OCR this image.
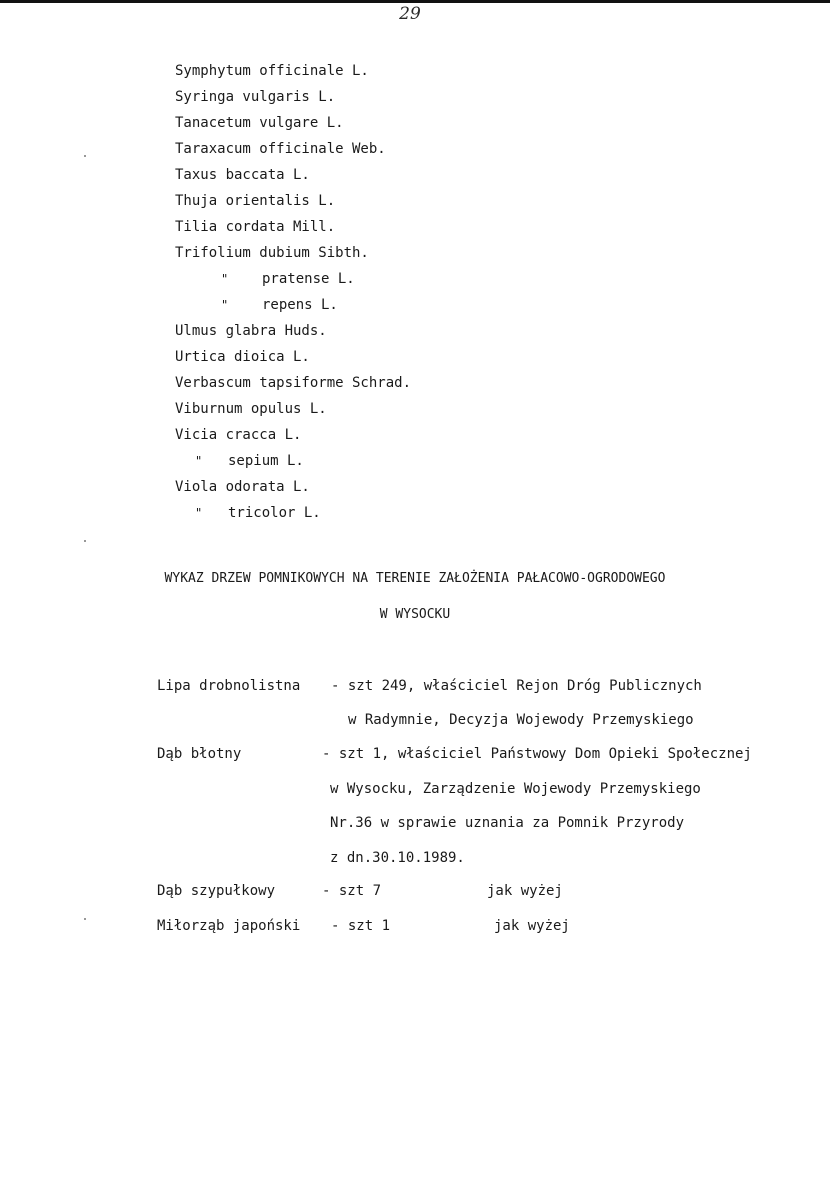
29
Symphytum officinale L.
Syringa vulgaris L.
Tanacetum vulgare L.
Taraxacum officinale Web.
Taxus baccata L.
Thuja orientalis L.
Tilia cordata Mill.
Trifolium dubium Sibth.
" pratense L.
" repens L.
Ulmus glabra Huds.
Urtica dioica L.
Verbascum tapsiforme Schrad.
Viburnum opulus L.
Vicia cracca L.
" sepium L.
Viola odorata L.
" tricolor L.
WYKAZ DRZEW POMNIKOWYCH NA TERENIE ZAŁOŻENIA PAŁACOWO-OGRODOWEGO
W WYSOCKU
Lipa drobnolistna - szt 249, właściciel Rejon Dróg Publicznych
w Radymnie, Decyzja Wojewody Przemyskiego
Dąb błotny	- szt 1, właściciel Państwowy Dom Opieki Społecznej
w Wysocku, Zarządzenie Wojewody Przemyskiego
Nr.36 w sprawie uznania za Pomnik Przyrody
z dn.30.10.1989.
Dąb szypułkowy	- szt 7	jak wyżej
Miłorząb japoński - szt 1	jak wyżej
